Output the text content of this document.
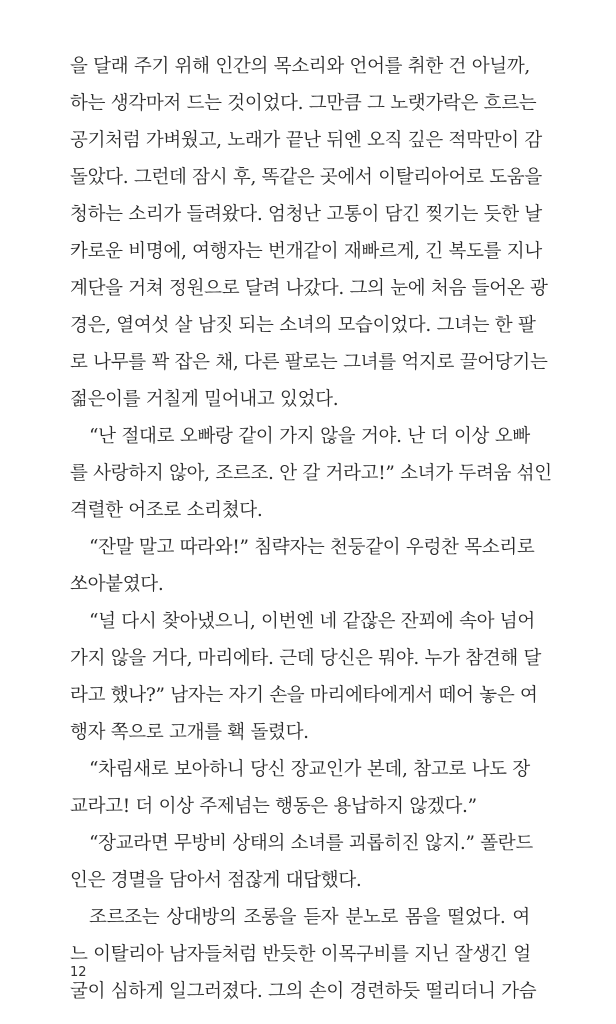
을 달래 주기 위해 인간의 목소리와 언어를 취한 건 아닐까,
하는 생각마저 드는 것이었다. 그만큼 그 노랫가락은 흐르는
공기처럼 가벼웠고, 노래가 끝난 뒤엔 오직 깊은 적막만이 감
돌았다. 그런데 잠시 후, 똑같은 곳에서 이탈리아어로 도움을
청하는 소리가 들려왔다. 엄청난 고통이 담긴 찢기는 듯한 날
카로운 비명에, 여행자는 번개같이 재빠르게, 긴 복도를 지나
계단을 거쳐 정원으로 달려 나갔다. 그의 눈에 처음 들어온 광
경은, 열여섯 살 남짓 되는 소녀의 모습이었다. 그녀는 한 팔
로 나무를 꽉 잡은 채, 다른 팔로는 그녀를 억지로 끌어당기는
젊은이를 거칠게 밀어내고 있었다.
“난 절대로 오빠랑 같이 가지 않을 거야. 난 더 이상 오빠
를 사랑하지 않아, 조르조. 안 갈 거라고!” 소녀가 두려움 섞인
격렬한 어조로 소리쳤다.
“잔말 말고 따라와!” 침략자는 천둥같이 우렁찬 목소리로
쏘아붙였다.
“널 다시 찾아냈으니, 이번엔 네 같잖은 잔꾀에 속아 넘어
가지 않을 거다, 마리에타. 근데 당신은 뭐야. 누가 참견해 달
라고 했나?” 남자는 자기 손을 마리에타에게서 떼어 놓은 여
행자 쪽으로 고개를 홱 돌렸다.
“차림새로 보아하니 당신 장교인가 본데, 참고로 나도 장
교라고! 더 이상 주제넘는 행동은 용납하지 않겠다.”
“장교라면 무방비 상태의 소녀를 괴롭히진 않지.” 폴란드
인은 경멸을 담아서 점잖게 대답했다.
조르조는 상대방의 조롱을 듣자 분노로 몸을 떨었다. 여
느 이탈리아 남자들처럼 반듯한 이목구비를 지닌 잘생긴 얼
굴이 심하게 일그러졌다. 그의 손이 경련하듯 떨리더니 가슴
12
